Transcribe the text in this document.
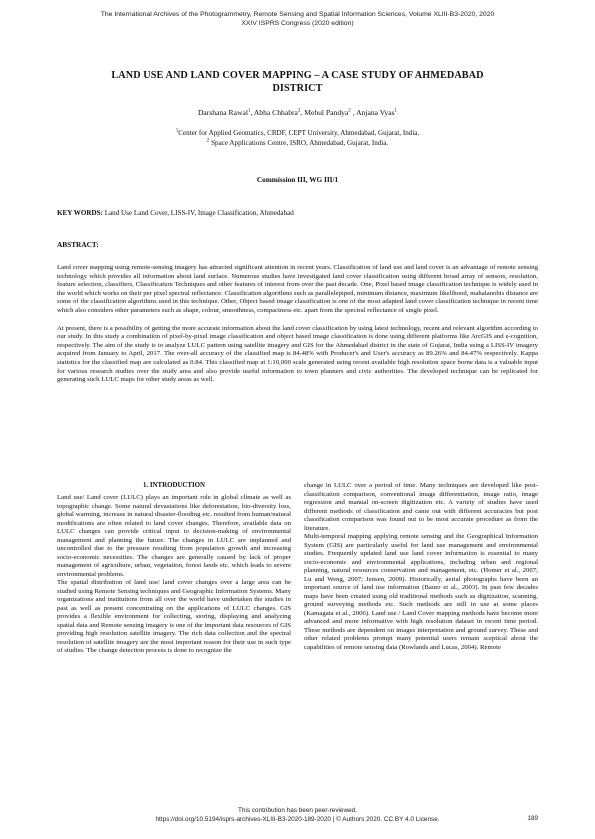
The International Archives of the Photogrammetry, Remote Sensing and Spatial Information Sciences, Volume XLIII-B3-2020, 2020
XXIV ISPRS Congress (2020 edition)
LAND USE AND LAND COVER MAPPING – A CASE STUDY OF AHMEDABAD
DISTRICT
Darshana Rawal$^1$, Abha Chhabra$^2$, Mehul Pandya$^2$ , Anjana Vyas$^1$
$^1$Center for Applied Geomatics, CRDF, CEPT University, Ahmedabad, Gujarat, India.
$^2$ Space Applications Centre, ISRO, Ahmedabad, Gujarat, India.
Commission III, WG III/1
KEY WORDS: Land Use Land Cover, LISS-IV, Image Classification, Ahmedabad
ABSTRACT:

Land cover mapping using remote-sensing imagery has attracted significant attention in recent years. Classification of land use and land cover is an advantage of remote sensing technology which provides all information about land surface. Numerous studies have investigated land cover classification using different broad array of sensors, resolution, feature selection, classifiers, Classification Techniques and other features of interest from over the past decade. One, Pixel based image classification technique is widely used in the world which works on their per pixel spectral reflectance. Classification algorithms such as parallelepiped, minimum distance, maximum likelihood, mahalanobis distance are some of the classification algorithms used in this technique. Other, Object based image classification is one of the most adapted land cover classification technique in recent time which also considers other parameters such as shape, colour, smoothness, compactness etc. apart from the spectral reflectance of single pixel.

At present, there is a possibility of getting the more accurate information about the land cover classification by using latest technology, recent and relevant algorithm according to our study. In this study a combination of pixel-by-pixel image classification and object based image classification is done using different platforms like ArcGIS and e-cognition, respectively. The aim of the study is to analyze LULC pattern using satellite imagery and GIS for the Ahmedabad district in the state of Gujarat, India using a LISS-IV imagery acquired from January to April, 2017. The over-all accuracy of the classified map is 84.48% with Producer's and User's accuracy as 89.26% and 84.47% respectively. Kappa statistics for the classified map are calculated as 0.84. This classified map at 1:10,000 scale generated using recent available high resolution space borne data is a valuable input for various research studies over the study area and also provide useful information to town planners and civic authorities. The developed technique can be replicated for generating such LULC maps for other study areas as well.

1. INTRODUCTION

Land use/ Land cover (LULC) plays an important role in global climate as well as topographic change. Some natural devastations like deforestation, bio-diversity loss, global warming, increase in natural disaster-flooding etc. resulted from human/natural modifications are often related to land cover changes. Therefore, available data on LULC changes can provide critical input to decision-making of environmental management and planning the future. The changes in LULC are unplanned and uncontrolled due to the pressure resulting from population growth and increasing socio-economic necessities. The changes are generally caused by lack of proper management of agriculture, urban, vegetation, forest lands etc. which leads to severe environmental problems.

The spatial distribution of land use/ land cover changes over a large area can be studied using Remote Sensing techniques and Geographic Information Systems. Many organizations and institutions from all over the world have undertaken the studies in past as well as present concentrating on the applications of LULC changes. GIS provides a flexible environment for collecting, storing, displaying and analyzing spatial data and Remote sensing imagery is one of the important data resources of GIS providing high resolution satellite imagery. The rich data collection and the spectral resolution of satellite imagery are the most important reason for their use in such type of studies. The change detection process is done to recognize the

change in LULC over a period of time. Many techniques are developed like post-classification comparison, conventional image differentiation, image ratio, image regression and manual on-screen digitization etc. A variety of studies have used different methods of classification and came out with different accuracies but post classification comparison was found out to be most accurate procedure as from the literature.

Multi-temporal mapping applying remote sensing and the Geographical Information System (GIS) are particularly useful for land use management and environmental studies. Frequently updated land use land cover information is essential to many socio-economic and environmental applications, including urban and regional planning, natural resources conservation and management, etc. (Homer et al., 2007; Lu and Weng, 2007; Jensen, 2009). Historically, aerial photographs have been an important source of land use information (Bauer et al., 2003). In past few decades maps have been created using old traditional methods such as digitization, scanning, ground surveying methods etc. Such methods are still in use at some places (Kamagata et al., 2006). Land use / Land Cover mapping methods have become more advanced and more informative with high resolution dataset in recent time period. These methods are dependent on images interpretation and ground survey. These and other related problems prompt many potential users remain sceptical about the capabilities of remote sensing data (Rowlands and Lucas, 2004). Remote

This contribution has been peer-reviewed.
https://doi.org/10.5194/isprs-archives-XLIII-B3-2020-189-2020 | © Authors 2020. CC BY 4.0 License.	189
